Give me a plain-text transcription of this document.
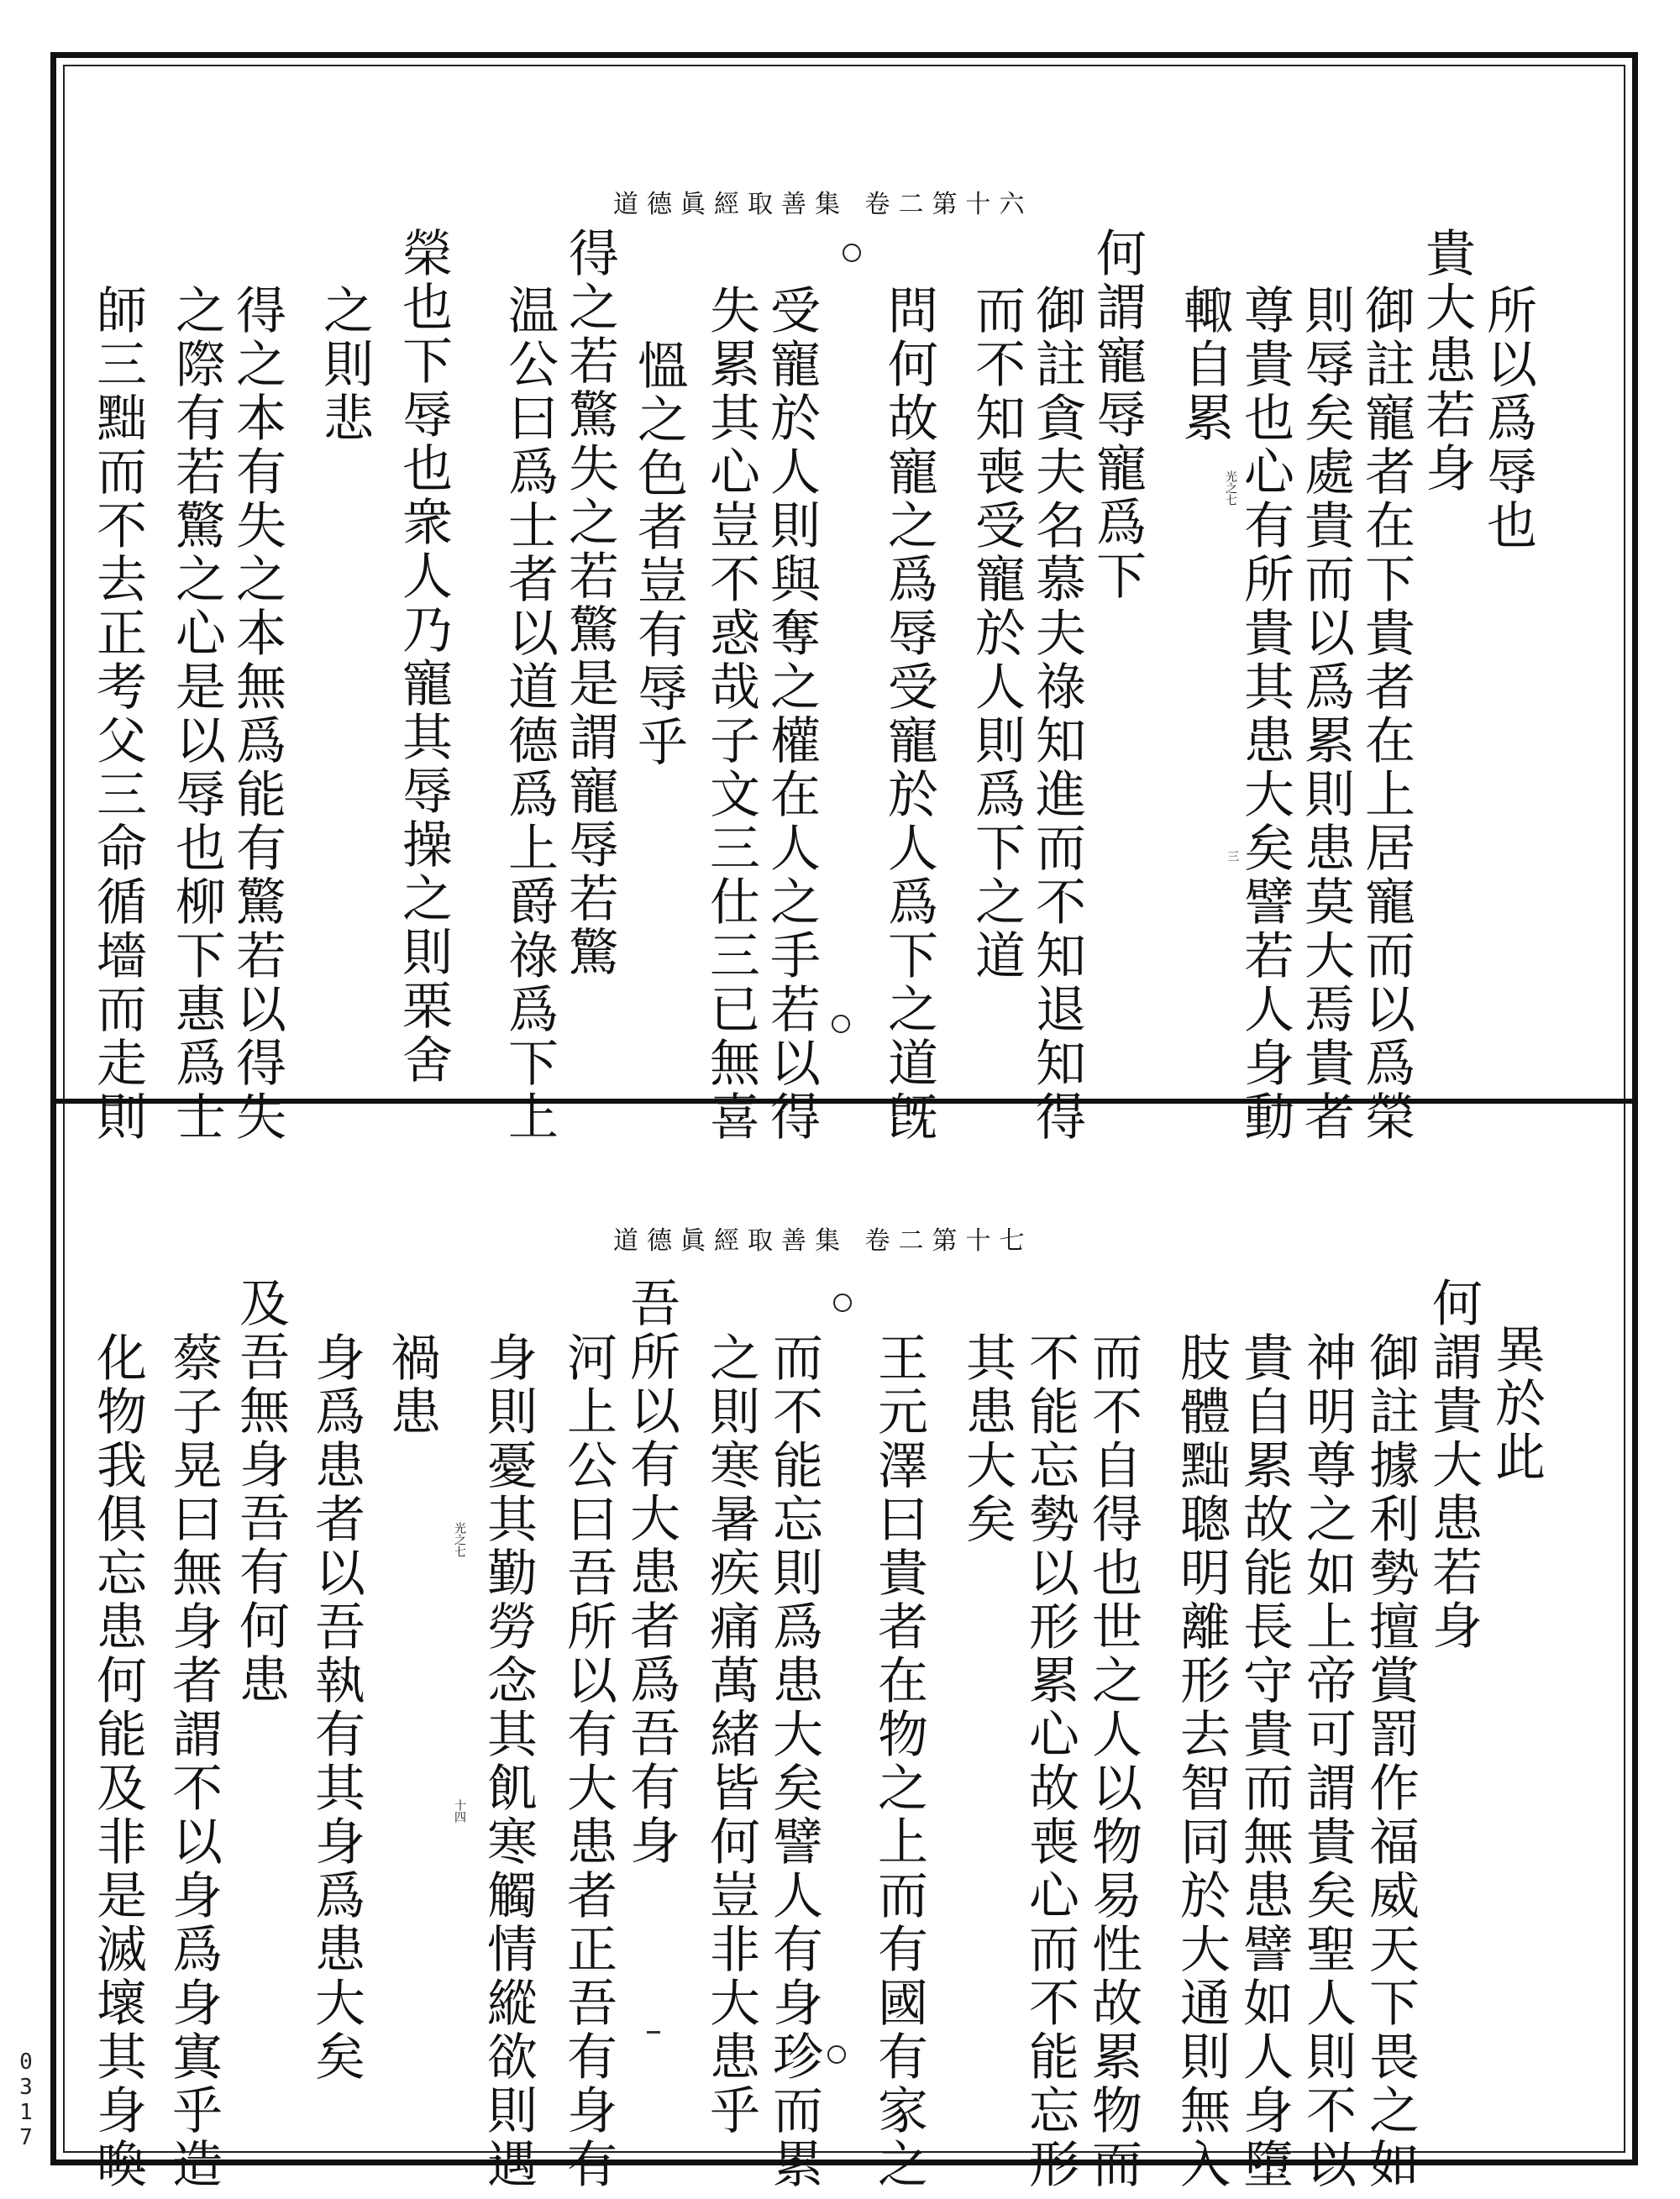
道德眞經取善集 卷二第十六
所以爲辱也
貴大患若身
御註寵者在下貴者在上居寵而以爲榮
則辱矣處貴而以爲累則患莫大焉貴者
尊貴也心有所貴其患大矣譬若人身動
輙自累
何謂寵辱寵爲下
御註貪夫名慕夫祿知進而不知退知得
而不知喪受寵於人則爲下之道
問何故寵之爲辱受寵於人爲下之道旣
受寵於人則與奪之權在人之手若以得
失累其心豈不惑哉子文三仕三已無喜
慍之色者豈有辱乎
得之若驚失之若驚是謂寵辱若驚
温公曰爲士者以道德爲上爵祿爲下上
榮也下辱也衆人乃寵其辱操之則栗舍
之則悲
得之本有失之本無爲能有驚若以得失
之際有若驚之心是以辱也柳下惠爲士
師三黜而不去正考父三命循墻而走則	光之七
三
道德眞經取善集 卷二第十七
異於此
何謂貴大患若身
御註據利勢擅賞罰作福威天下畏之如
神明尊之如上帝可謂貴矣聖人則不以
貴自累故能長守貴而無患譬如人身墮
肢體黜聰明離形去智同於大通則無入
而不自得也世之人以物易性故累物而
不能忘勢以形累心故喪心而不能忘形
其患大矣
王元澤曰貴者在物之上而有國有家之
而不能忘則爲患大矣譬人有身珍而累
之則寒暑疾痛萬緒皆何豈非大患乎
吾所以有大患者爲吾有身
河上公曰吾所以有大患者正吾有身有
身則憂其勤勞念其飢寒觸情縱欲則遇
禍患
身爲患者以吾執有其身爲患大矣
及吾無身吾有何患
蔡子晃曰無身者謂不以身爲身寘乎造
化物我俱忘患何能及非是滅壞其身喚	光之七
十四
0317
